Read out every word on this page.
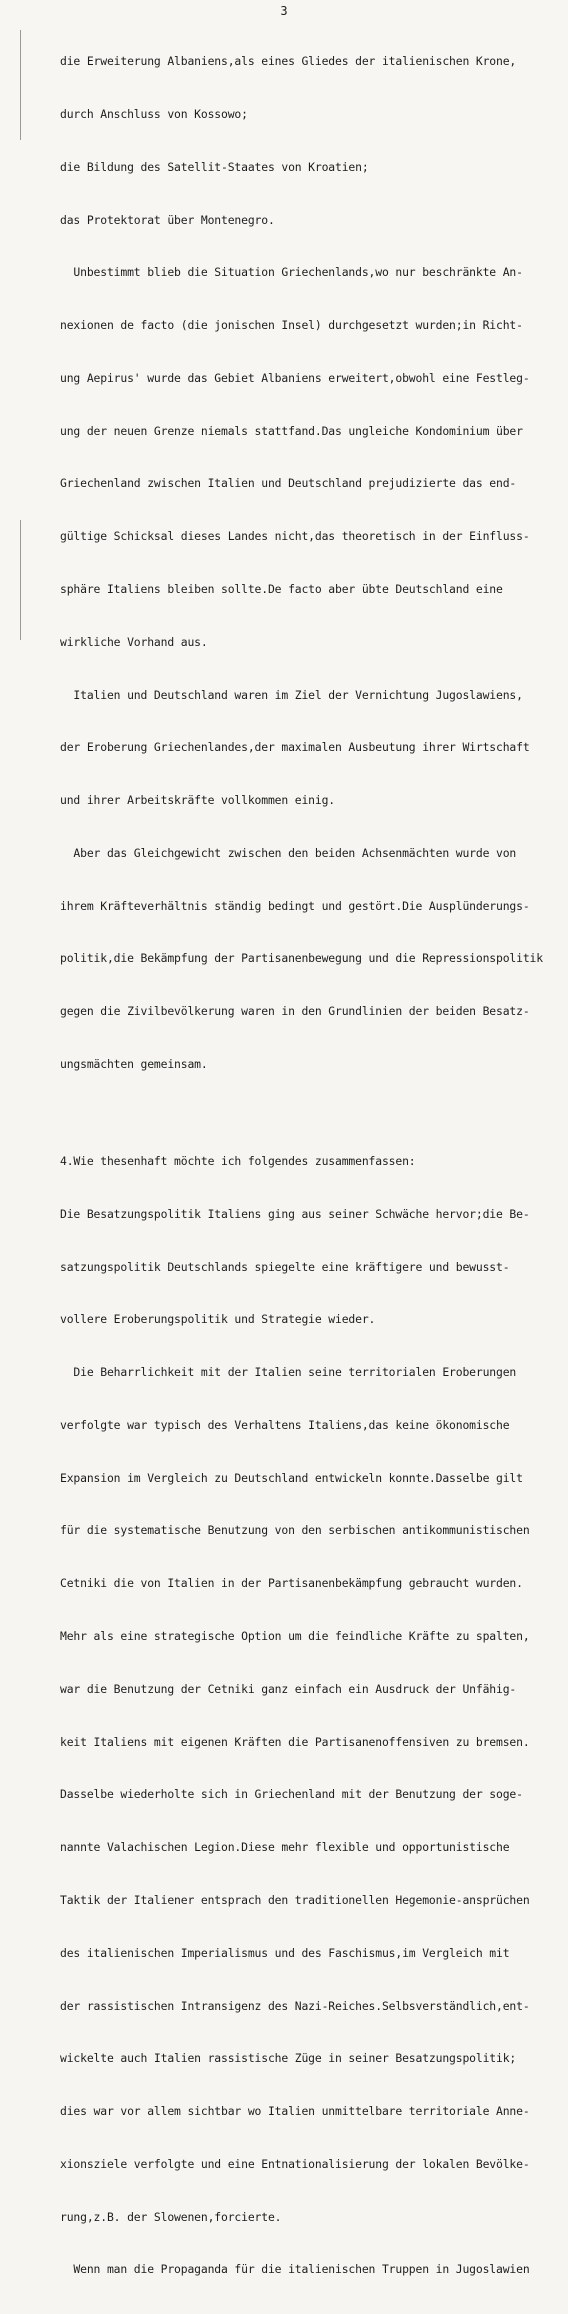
3

die Erweiterung Albaniens,als eines Gliedes der italienischen Krone,

durch Anschluss von Kossowo;

die Bildung des Satellit-Staates von Kroatien;

das Protektorat über Montenegro.

Unbestimmt blieb die Situation Griechenlands,wo nur beschränkte An-

nexionen de facto (die jonischen Insel) durchgesetzt wurden;in Richt-

ung Aepirus' wurde das Gebiet Albaniens erweitert,obwohl eine Festleg-

ung der neuen Grenze niemals stattfand.Das ungleiche Kondominium über

Griechenland zwischen Italien und Deutschland prejudizierte das end-

gültige Schicksal dieses Landes nicht,das theoretisch in der Einfluss-

sphäre Italiens bleiben sollte.De facto aber übte Deutschland eine

wirkliche Vorhand aus.

Italien und Deutschland waren im Ziel der Vernichtung Jugoslawiens,

der Eroberung Griechenlandes,der maximalen Ausbeutung ihrer Wirtschaft

und ihrer Arbeitskräfte vollkommen einig.

Aber das Gleichgewicht zwischen den beiden Achsenmächten wurde von

ihrem Kräfteverhältnis ständig bedingt und gestört.Die Ausplünderungs-

politik,die Bekämpfung der Partisanenbewegung und die Repressionspolitik

gegen die Zivilbevölkerung waren in den Grundlinien der beiden Besatz-

ungsmächten gemeinsam.

4.Wie thesenhaft möchte ich folgendes zusammenfassen:

Die Besatzungspolitik Italiens ging aus seiner Schwäche hervor;die Be-

satzungspolitik Deutschlands spiegelte eine kräftigere und bewusst-

vollere Eroberungspolitik und Strategie wieder.

Die Beharrlichkeit mit der Italien seine territorialen Eroberungen

verfolgte war typisch des Verhaltens Italiens,das keine ökonomische

Expansion im Vergleich zu Deutschland entwickeln konnte.Dasselbe gilt

für die systematische Benutzung von den serbischen antikommunistischen

Cetniki die von Italien in der Partisanenbekämpfung gebraucht wurden.

Mehr als eine strategische Option um die feindliche Kräfte zu spalten,

war die Benutzung der Cetniki ganz einfach ein Ausdruck der Unfähig-

keit Italiens mit eigenen Kräften die Partisanenoffensiven zu bremsen.

Dasselbe wiederholte sich in Griechenland mit der Benutzung der soge-

nannte Valachischen Legion.Diese mehr flexible und opportunistische

Taktik der Italiener entsprach den traditionellen Hegemonie-ansprüchen

des italienischen Imperialismus und des Faschismus,im Vergleich mit

der rassistischen Intransigenz des Nazi-Reiches.Selbsverständlich,ent-

wickelte auch Italien rassistische Züge in seiner Besatzungspolitik;

dies war vor allem sichtbar wo Italien unmittelbare territoriale Anne-

xionsziele verfolgte und eine Entnationalisierung der lokalen Bevölke-

rung,z.B. der Slowenen,forcierte.

Wenn man die Propaganda für die italienischen Truppen in Jugoslawien
